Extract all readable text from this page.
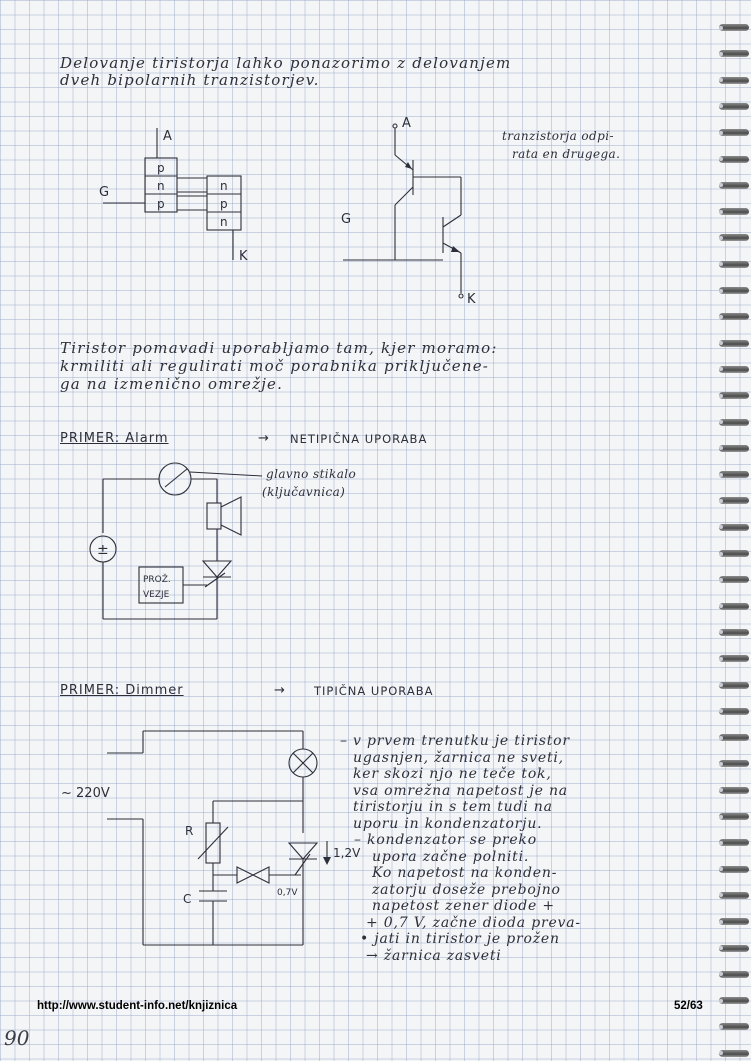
Delovanje tiristorja lahko ponazorimo z delovanjem
dveh bipolarnih tranzistorjev.
A
G
K
p
n
p
n
p
n
A
G
K
tranzistorja odpi-
rata en drugega.
Tiristor pomavadi uporabljamo tam, kjer moramo:
krmiliti ali regulirati moč porabnika priključene-
ga na izmenično omrežje.
PRIMER: Alarm	→ NETIPIČNA UPORABA
±
PROŽ.
VEZJE
glavno stikalo
(ključavnica)
PRIMER: Dimmer	→ TIPIČNA UPORABA
~ 220V
R
C
1,2V
0,7V
– v prvem trenutku je tiristor
ugasnjen, žarnica ne sveti,
ker skozi njo ne teče tok,
vsa omrežna napetost je na
tiristorju in s tem tudi na
uporu in kondenzatorju.
– kondenzator se preko
upora začne polniti.
Ko napetost na konden-
zatorju doseže prebojno
napetost zener diode +
+ 0,7 V, začne dioda preva-
• jati in tiristor je prožen
→ žarnica zasveti
http://www.student-info.net/knjiznica	52/63
90
